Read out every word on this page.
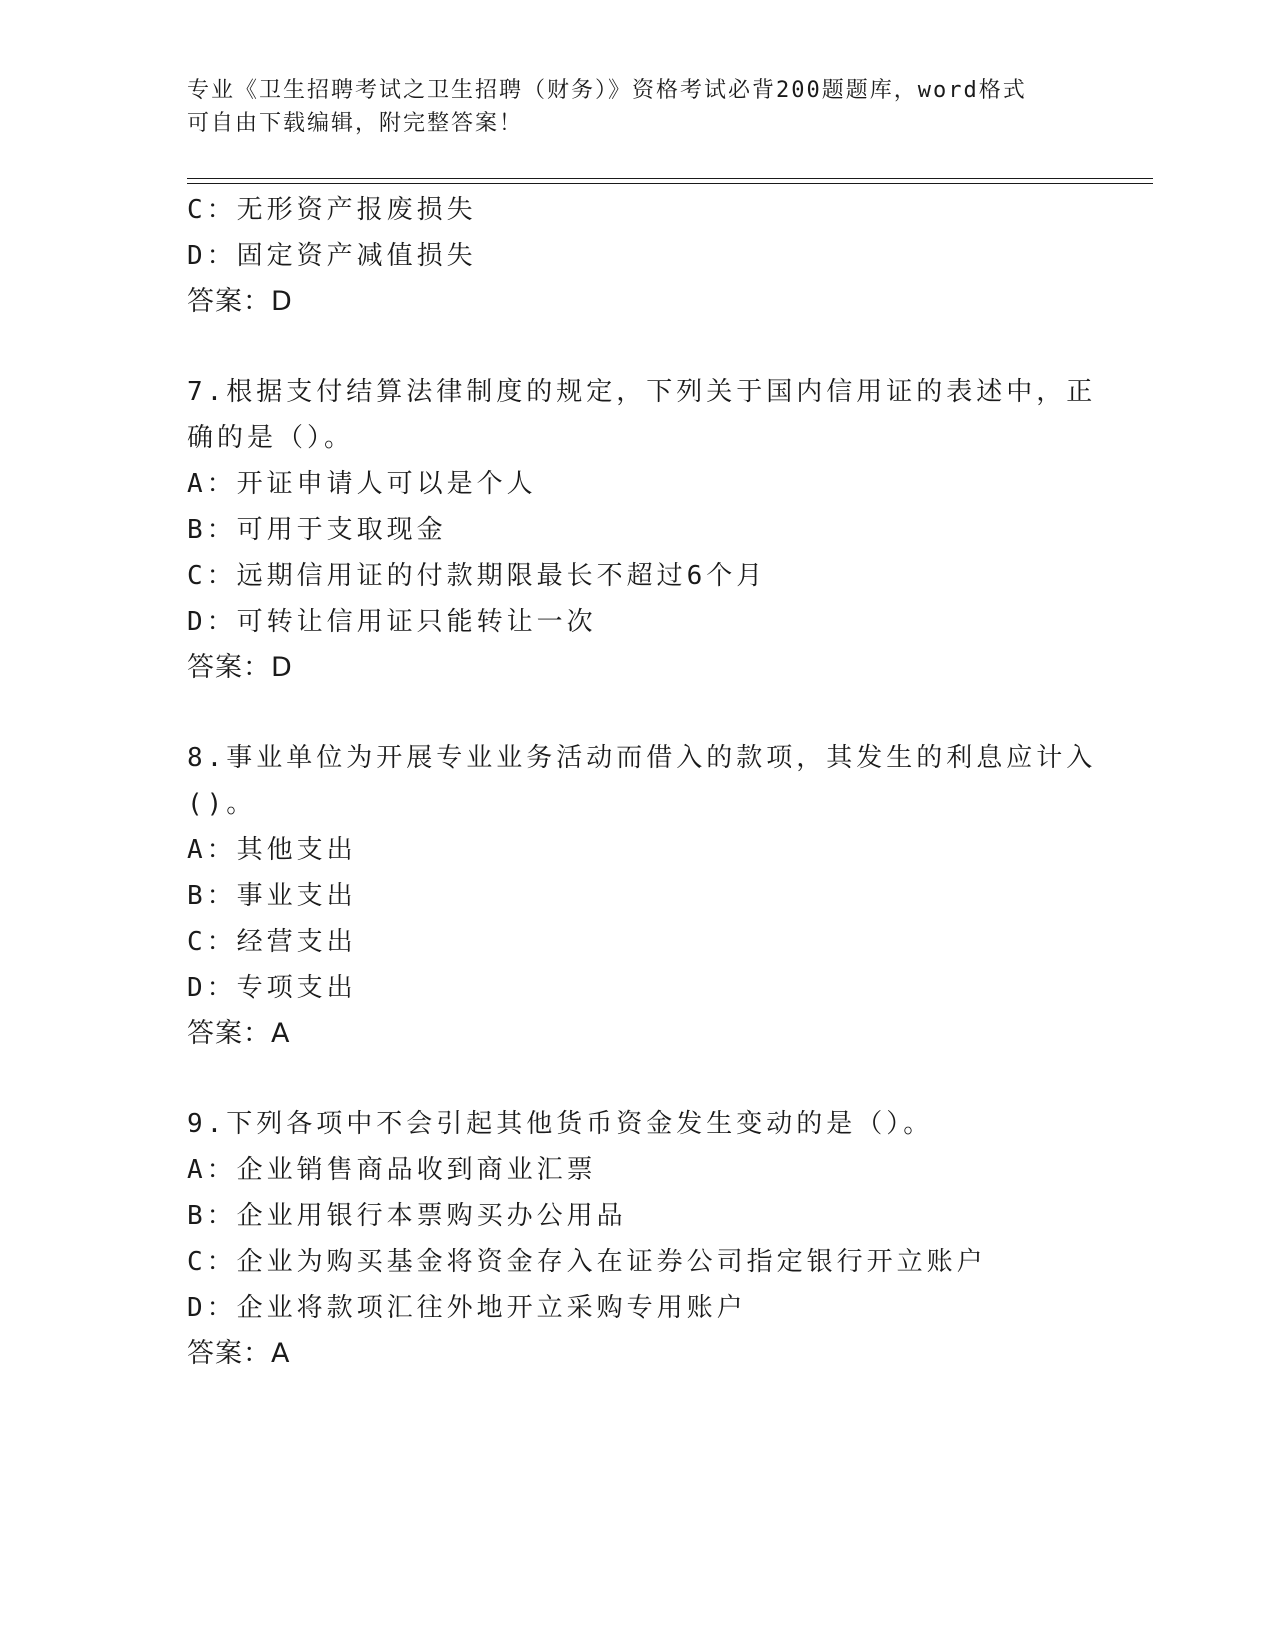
专业《卫生招聘考试之卫生招聘（财务）》资格考试必背200题题库，word格式
可自由下载编辑，附完整答案！
C：无形资产报废损失
D：固定资产减值损失
答案：D
7.根据支付结算法律制度的规定，下列关于国内信用证的表述中，正
确的是（）。
A：开证申请人可以是个人
B：可用于支取现金
C：远期信用证的付款期限最长不超过6个月
D：可转让信用证只能转让一次
答案：D
8.事业单位为开展专业业务活动而借入的款项，其发生的利息应计入
()。
A：其他支出
B：事业支出
C：经营支出
D：专项支出
答案：A
9.下列各项中不会引起其他货币资金发生变动的是（）。
A：企业销售商品收到商业汇票
B：企业用银行本票购买办公用品
C：企业为购买基金将资金存入在证券公司指定银行开立账户
D：企业将款项汇往外地开立采购专用账户
答案：A
